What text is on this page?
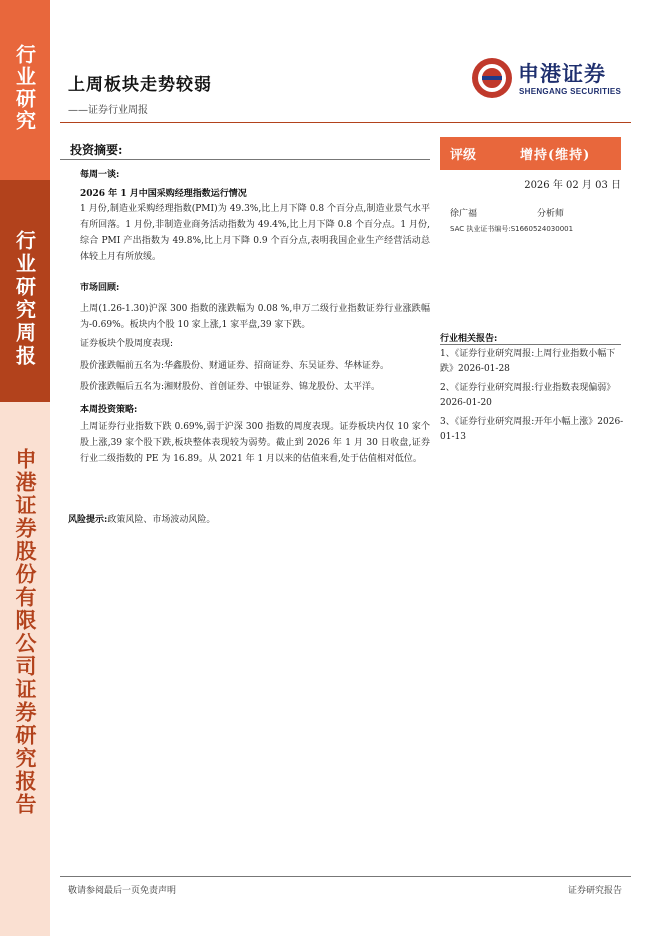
行业研究
行业研究周报
申港证券股份有限公司证券研究报告
上周板块走势较弱
——证券行业周报
申港证券
SHENGANG SECURITIES
投资摘要:
每周一谈:
2026 年 1 月中国采购经理指数运行情况
1 月份,制造业采购经理指数(PMI)为 49.3%,比上月下降 0.8 个百分点,制造业景气水平有所回落。1 月份,非制造业商务活动指数为 49.4%,比上月下降 0.8 个百分点。1 月份,综合 PMI 产出指数为 49.8%,比上月下降 0.9 个百分点,表明我国企业生产经营活动总体较上月有所放缓。
市场回顾:
上周(1.26-1.30)沪深 300 指数的涨跌幅为 0.08 %,申万二级行业指数证券行业涨跌幅为-0.69%。板块内个股 10 家上涨,1 家平盘,39 家下跌。
证券板块个股周度表现:
股价涨跌幅前五名为:华鑫股份、财通证券、招商证券、东吴证券、华林证券。
股价涨跌幅后五名为:湘财股份、首创证券、中银证券、锦龙股份、太平洋。
本周投资策略:
上周证券行业指数下跌 0.69%,弱于沪深 300 指数的周度表现。证券板块内仅 10 家个股上涨,39 家个股下跌,板块整体表现较为弱势。截止到 2026 年 1 月 30 日收盘,证券行业二级指数的 PE 为 16.89。从 2021 年 1 月以来的估值来看,处于估值相对低位。
风险提示:政策风险、市场波动风险。
评级	增持(维持)
2026 年 02 月 03 日
徐广福	分析师
SAC 执业证书编号:S1660524030001
行业相关报告:
1、《证券行业研究周报:上周行业指数小幅下跌》2026-01-28
2、《证券行业研究周报:行业指数表现偏弱》2026-01-20
3、《证券行业研究周报:开年小幅上涨》2026-01-13
敬请参阅最后一页免责声明	证券研究报告
